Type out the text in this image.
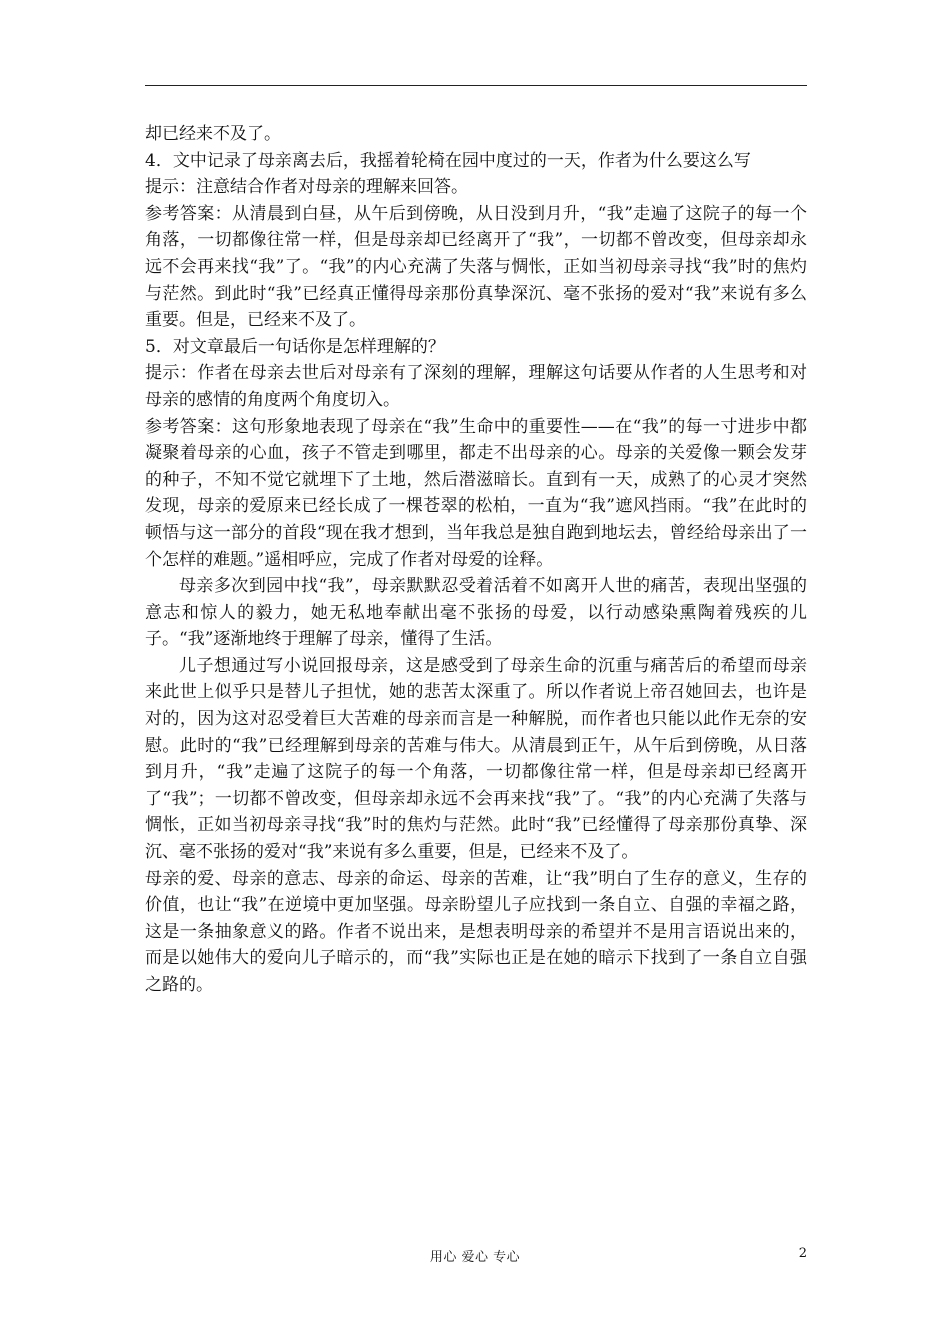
却已经来不及了。

4．文中记录了母亲离去后，我摇着轮椅在园中度过的一天，作者为什么要这么写

提示：注意结合作者对母亲的理解来回答。

参考答案：从清晨到白昼，从午后到傍晚，从日没到月升，“我”走遍了这院子的每一个角落，一切都像往常一样，但是母亲却已经离开了“我”，一切都不曾改变，但母亲却永远不会再来找“我”了。“我”的内心充满了失落与惆怅，正如当初母亲寻找“我”时的焦灼与茫然。到此时“我”已经真正懂得母亲那份真挚深沉、毫不张扬的爱对“我”来说有多么重要。但是，已经来不及了。

5．对文章最后一句话你是怎样理解的？

提示：作者在母亲去世后对母亲有了深刻的理解，理解这句话要从作者的人生思考和对母亲的感情的角度两个角度切入。

参考答案：这句形象地表现了母亲在“我”生命中的重要性——在“我”的每一寸进步中都凝聚着母亲的心血，孩子不管走到哪里，都走不出母亲的心。母亲的关爱像一颗会发芽的种子，不知不觉它就埋下了土地，然后潜滋暗长。直到有一天，成熟了的心灵才突然发现，母亲的爱原来已经长成了一棵苍翠的松柏，一直为“我”遮风挡雨。“我”在此时的顿悟与这一部分的首段“现在我才想到，当年我总是独自跑到地坛去，曾经给母亲出了一个怎样的难题。”遥相呼应，完成了作者对母爱的诠释。

母亲多次到园中找“我”，母亲默默忍受着活着不如离开人世的痛苦，表现出坚强的意志和惊人的毅力，她无私地奉献出毫不张扬的母爱，以行动感染熏陶着残疾的儿子。“我”逐渐地终于理解了母亲，懂得了生活。

儿子想通过写小说回报母亲，这是感受到了母亲生命的沉重与痛苦后的希望而母亲来此世上似乎只是替儿子担忧，她的悲苦太深重了。所以作者说上帝召她回去，也许是对的，因为这对忍受着巨大苦难的母亲而言是一种解脱，而作者也只能以此作无奈的安慰。此时的“我”已经理解到母亲的苦难与伟大。从清晨到正午，从午后到傍晚，从日落到月升，“我”走遍了这院子的每一个角落，一切都像往常一样，但是母亲却已经离开了“我”；一切都不曾改变，但母亲却永远不会再来找“我”了。“我”的内心充满了失落与惆怅，正如当初母亲寻找“我”时的焦灼与茫然。此时“我”已经懂得了母亲那份真挚、深沉、毫不张扬的爱对“我”来说有多么重要，但是，已经来不及了。

母亲的爱、母亲的意志、母亲的命运、母亲的苦难，让“我”明白了生存的意义，生存的价值，也让“我”在逆境中更加坚强。母亲盼望儿子应找到一条自立、自强的幸福之路，这是一条抽象意义的路。作者不说出来，是想表明母亲的希望并不是用言语说出来的，而是以她伟大的爱向儿子暗示的，而“我”实际也正是在她的暗示下找到了一条自立自强之路的。

用心 爱心 专心	2
